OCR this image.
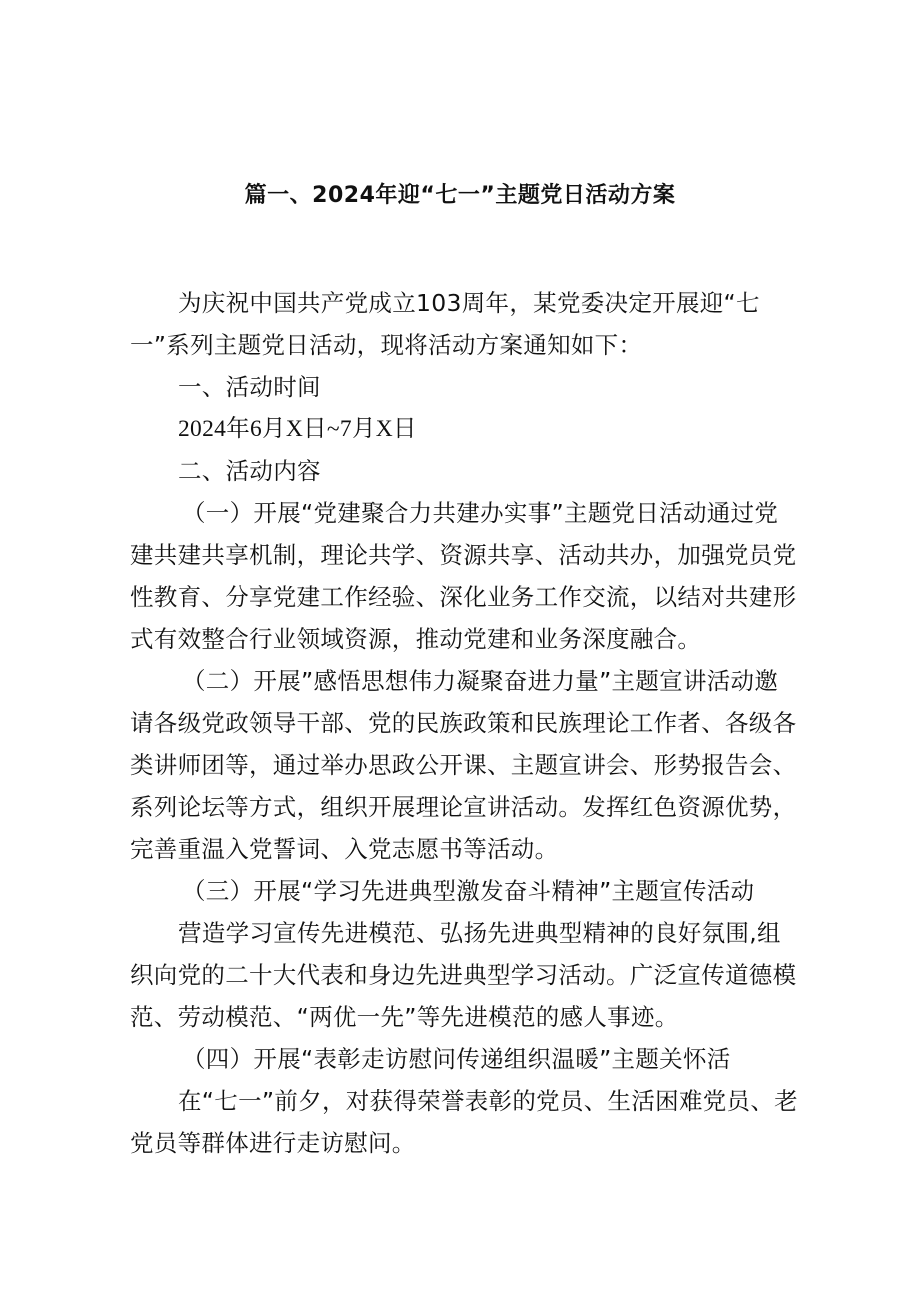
篇一、2024年迎“七一”主题党日活动方案

为庆祝中国共产党成立103周年，某党委决定开展迎“七一”系列主题党日活动，现将活动方案通知如下：

一、活动时间

2024年6月X日~7月X日

二、活动内容

（一）开展“党建聚合力共建办实事”主题党日活动通过党建共建共享机制，理论共学、资源共享、活动共办，加强党员党性教育、分享党建工作经验、深化业务工作交流，以结对共建形式有效整合行业领域资源，推动党建和业务深度融合。

（二）开展”感悟思想伟力凝聚奋进力量”主题宣讲活动邀请各级党政领导干部、党的民族政策和民族理论工作者、各级各类讲师团等，通过举办思政公开课、主题宣讲会、形势报告会、系列论坛等方式，组织开展理论宣讲活动。发挥红色资源优势，完善重温入党誓词、入党志愿书等活动。

（三）开展“学习先进典型激发奋斗精神”主题宣传活动

营造学习宣传先进模范、弘扬先进典型精神的良好氛围,组织向党的二十大代表和身边先进典型学习活动。广泛宣传道德模范、劳动模范、“两优一先”等先进模范的感人事迹。

（四）开展“表彰走访慰问传递组织温暖”主题关怀活

在“七一”前夕，对获得荣誉表彰的党员、生活困难党员、老党员等群体进行走访慰问。
